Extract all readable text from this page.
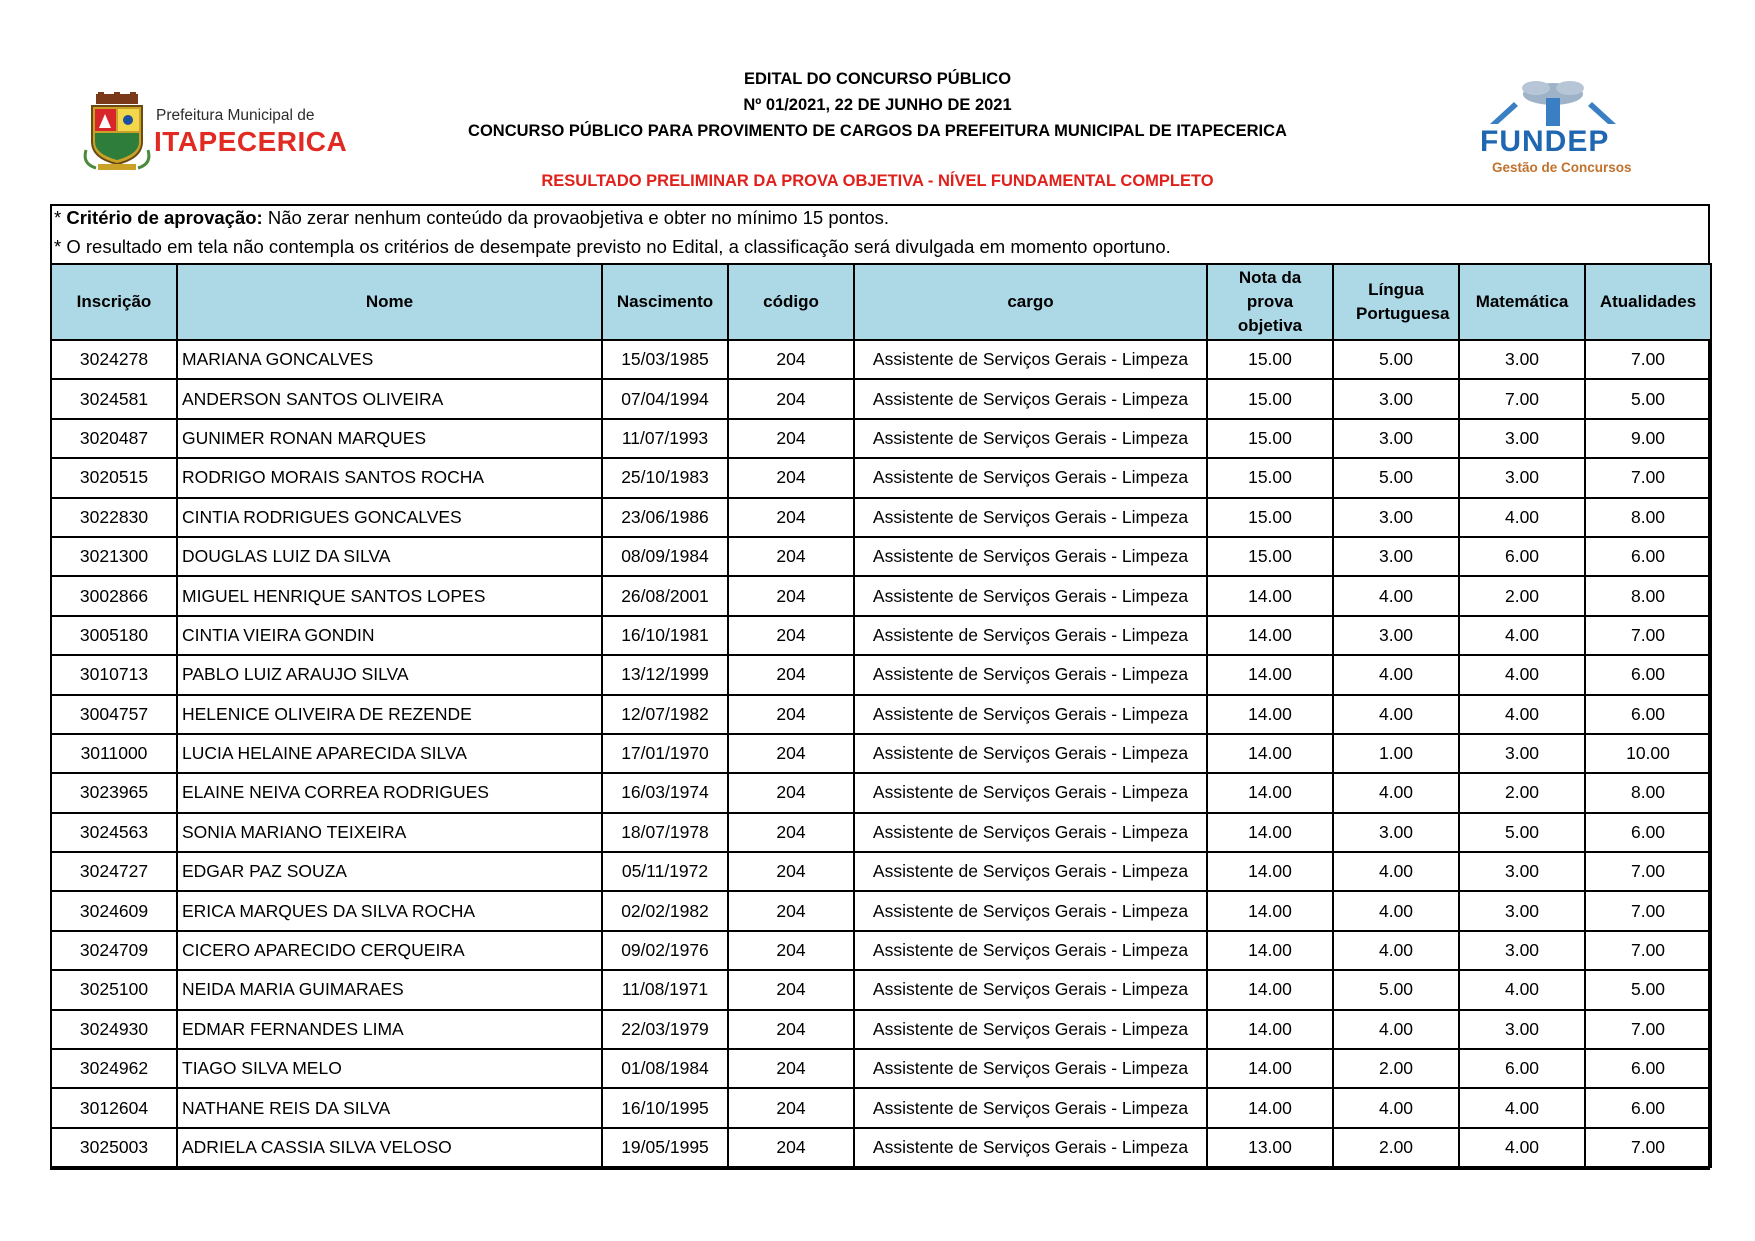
Prefeitura Municipal de
ITAPECERICA
EDITAL DO CONCURSO PÚBLICO
Nº 01/2021, 22 DE JUNHO DE 2021
CONCURSO PÚBLICO PARA PROVIMENTO DE CARGOS DA PREFEITURA MUNICIPAL DE ITAPECERICA
RESULTADO PRELIMINAR DA PROVA OBJETIVA - NÍVEL FUNDAMENTAL COMPLETO
FUNDEP
Gestão de Concursos
* Critério de aprovação: Não zerar nenhum conteúdo da provaobjetiva e obter no mínimo 15 pontos.
* O resultado em tela não contempla os critérios de desempate previsto no Edital, a classificação será divulgada em momento oportuno.
Inscrição	Nome	Nascimento	código	cargo	Nota da prova objetiva	Língua Portuguesa	Matemática	Atualidades
3024278	MARIANA GONCALVES	15/03/1985	204	Assistente de Serviços Gerais - Limpeza	15.00	5.00	3.00	7.00
3024581	ANDERSON SANTOS OLIVEIRA	07/04/1994	204	Assistente de Serviços Gerais - Limpeza	15.00	3.00	7.00	5.00
3020487	GUNIMER RONAN MARQUES	11/07/1993	204	Assistente de Serviços Gerais - Limpeza	15.00	3.00	3.00	9.00
3020515	RODRIGO MORAIS SANTOS ROCHA	25/10/1983	204	Assistente de Serviços Gerais - Limpeza	15.00	5.00	3.00	7.00
3022830	CINTIA RODRIGUES GONCALVES	23/06/1986	204	Assistente de Serviços Gerais - Limpeza	15.00	3.00	4.00	8.00
3021300	DOUGLAS LUIZ DA SILVA	08/09/1984	204	Assistente de Serviços Gerais - Limpeza	15.00	3.00	6.00	6.00
3002866	MIGUEL HENRIQUE SANTOS LOPES	26/08/2001	204	Assistente de Serviços Gerais - Limpeza	14.00	4.00	2.00	8.00
3005180	CINTIA VIEIRA GONDIN	16/10/1981	204	Assistente de Serviços Gerais - Limpeza	14.00	3.00	4.00	7.00
3010713	PABLO LUIZ ARAUJO SILVA	13/12/1999	204	Assistente de Serviços Gerais - Limpeza	14.00	4.00	4.00	6.00
3004757	HELENICE OLIVEIRA DE REZENDE	12/07/1982	204	Assistente de Serviços Gerais - Limpeza	14.00	4.00	4.00	6.00
3011000	LUCIA HELAINE APARECIDA SILVA	17/01/1970	204	Assistente de Serviços Gerais - Limpeza	14.00	1.00	3.00	10.00
3023965	ELAINE NEIVA CORREA RODRIGUES	16/03/1974	204	Assistente de Serviços Gerais - Limpeza	14.00	4.00	2.00	8.00
3024563	SONIA MARIANO TEIXEIRA	18/07/1978	204	Assistente de Serviços Gerais - Limpeza	14.00	3.00	5.00	6.00
3024727	EDGAR PAZ SOUZA	05/11/1972	204	Assistente de Serviços Gerais - Limpeza	14.00	4.00	3.00	7.00
3024609	ERICA MARQUES DA SILVA ROCHA	02/02/1982	204	Assistente de Serviços Gerais - Limpeza	14.00	4.00	3.00	7.00
3024709	CICERO APARECIDO CERQUEIRA	09/02/1976	204	Assistente de Serviços Gerais - Limpeza	14.00	4.00	3.00	7.00
3025100	NEIDA MARIA GUIMARAES	11/08/1971	204	Assistente de Serviços Gerais - Limpeza	14.00	5.00	4.00	5.00
3024930	EDMAR FERNANDES LIMA	22/03/1979	204	Assistente de Serviços Gerais - Limpeza	14.00	4.00	3.00	7.00
3024962	TIAGO SILVA MELO	01/08/1984	204	Assistente de Serviços Gerais - Limpeza	14.00	2.00	6.00	6.00
3012604	NATHANE REIS DA SILVA	16/10/1995	204	Assistente de Serviços Gerais - Limpeza	14.00	4.00	4.00	6.00
3025003	ADRIELA CASSIA SILVA VELOSO	19/05/1995	204	Assistente de Serviços Gerais - Limpeza	13.00	2.00	4.00	7.00
